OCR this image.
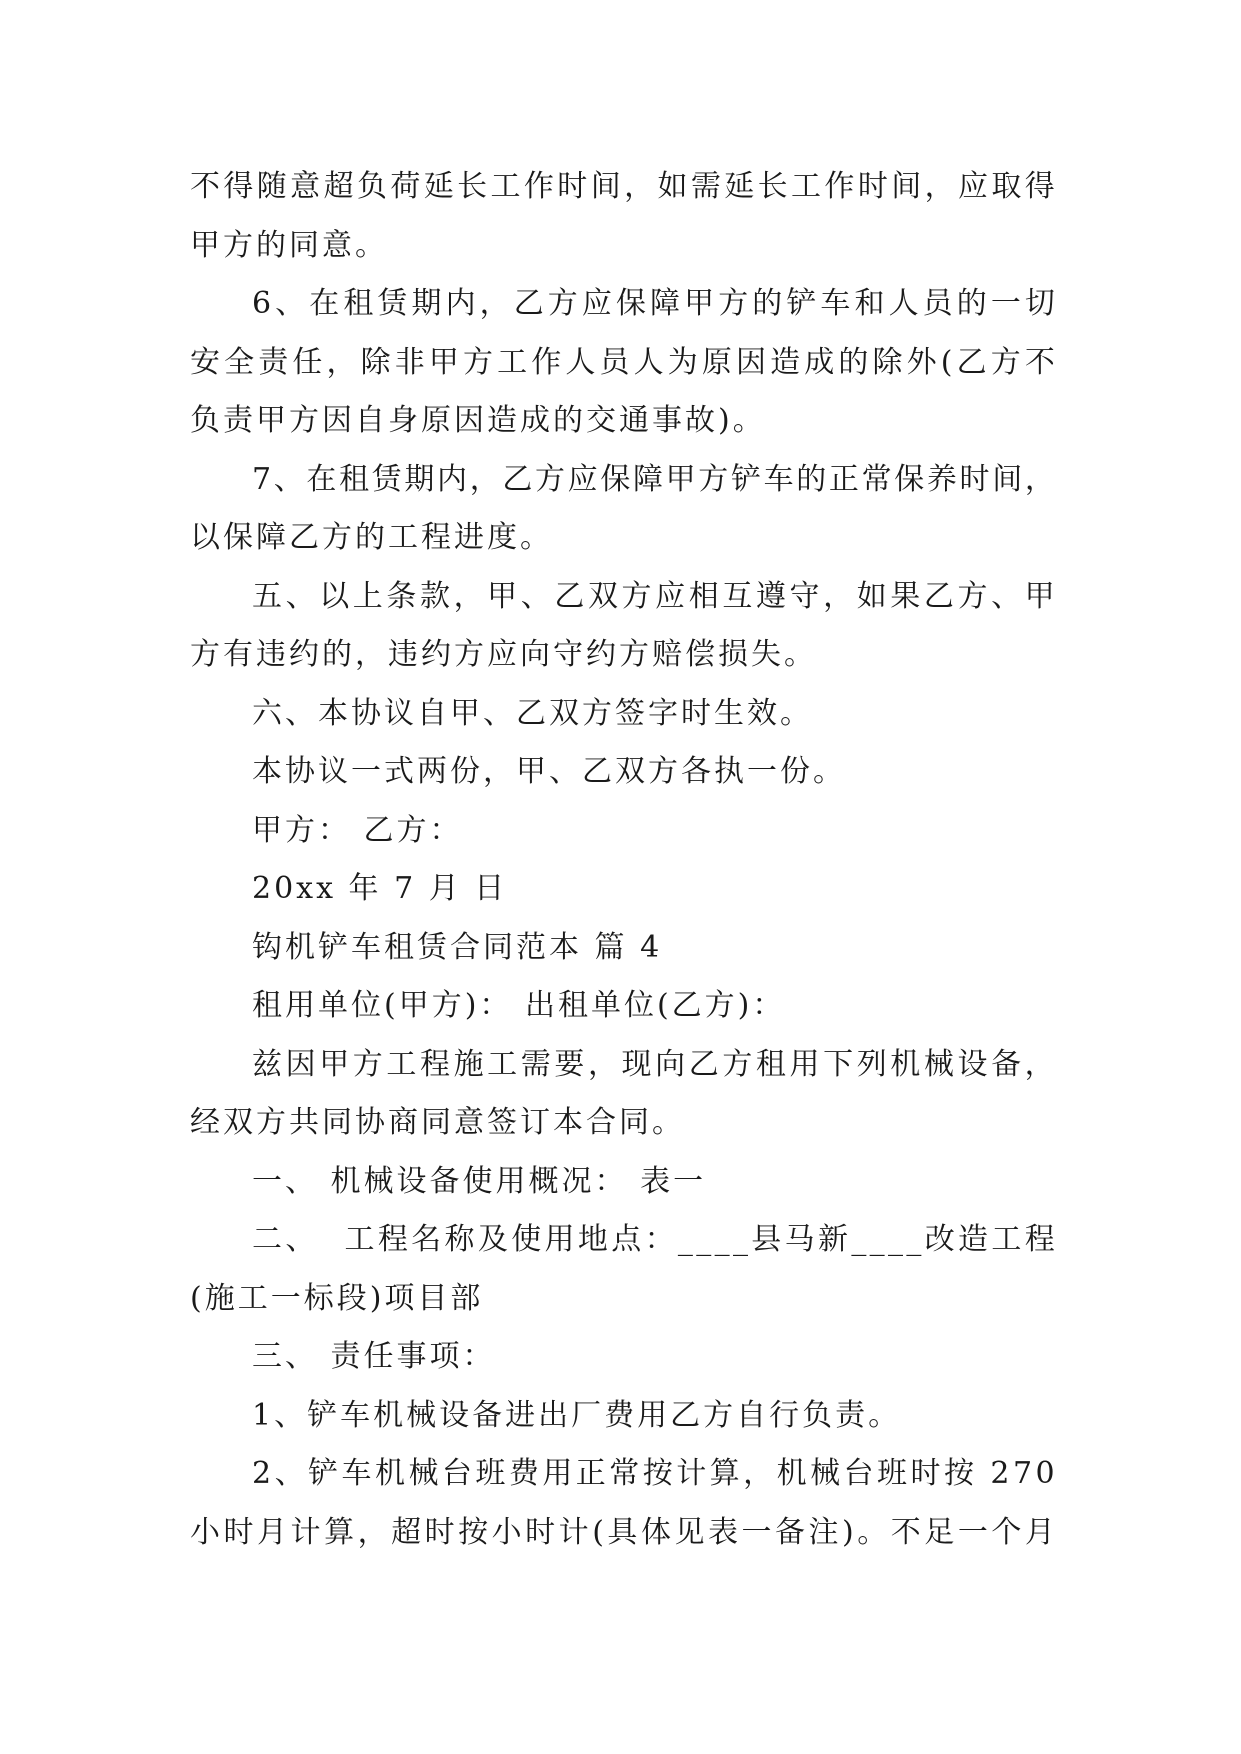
不 得 随 意 超 负 荷 延 长 工 作 时 间 ， 如 需 延 长 工 作 时 间 ， 应 取 得
甲方的同意。
6 、 在 租 赁 期 内 ， 乙 方 应 保 障 甲 方 的 铲 车 和 人 员 的 一 切
安 全 责 任 ， 除 非 甲 方 工 作 人 员 人 为 原 因 造 成 的 除 外 ( 乙 方 不
负责甲方因自身原因造成的交通事故)。
7 、 在 租 赁 期 内 ， 乙 方 应 保 障 甲 方 铲 车 的 正 常 保 养 时 间 ，
以保障乙方的工程进度。
五 、 以 上 条 款 ， 甲 、 乙 双 方 应 相 互 遵 守 ， 如 果 乙 方 、 甲
方有违约的，违约方应向守约方赔偿损失。
六、本协议自甲、乙双方签字时生效。
本协议一式两份，甲、乙双方各执一份。
甲方： 乙方：
20xx 年 7 月 日
钩机铲车租赁合同范本 篇 4
租用单位(甲方)： 出租单位(乙方)：
兹 因 甲 方 工 程 施 工 需 要 ， 现 向 乙 方 租 用 下 列 机 械 设 备 ，
经双方共同协商同意签订本合同。
一、 机械设备使用概况： 表一
二 、

工 程 名 称 及 使 用 地 点 ： _ _ _ _ 县 马 新 _ _ _ _ 改 造 工 程
(施工一标段)项目部
三、 责任事项：
1、铲车机械设备进出厂费用乙方自行负责。
2 、 铲 车 机 械 台 班 费 用 正 常 按 计 算 ， 机 械 台 班 时 按
2 7 0
小 时 月 计 算 ， 超 时 按 小 时 计 ( 具 体 见 表 一 备 注 ) 。 不 足 一 个 月
